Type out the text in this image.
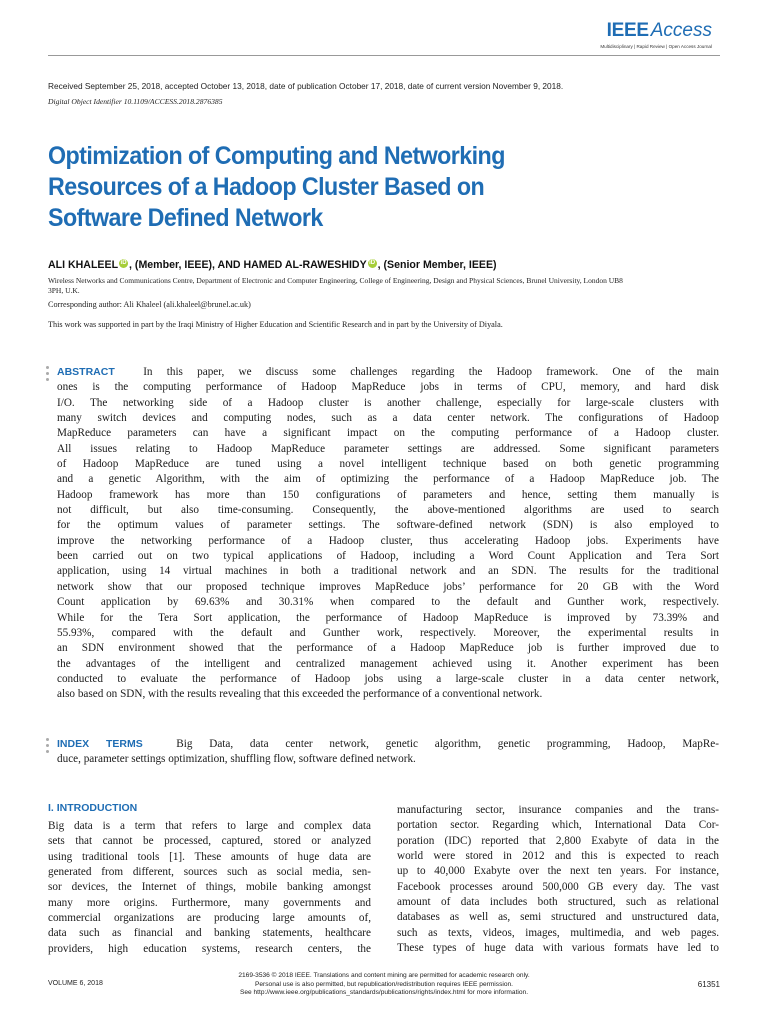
IEEE Access
Multidisciplinary | Rapid Review | Open Access Journal
Received September 25, 2018, accepted October 13, 2018, date of publication October 17, 2018, date of current version November 9, 2018.
Digital Object Identifier 10.1109/ACCESS.2018.2876385
Optimization of Computing and Networking
Resources of a Hadoop Cluster Based on
Software Defined Network
ALI KHALEEL iD , (Member, IEEE), AND HAMED AL-RAWESHIDY iD , (Senior Member, IEEE)
Wireless Networks and Communications Centre, Department of Electronic and Computer Engineering, College of Engineering, Design and Physical Sciences, Brunel University, London UB8 3PH, U.K.
Corresponding author: Ali Khaleel (ali.khaleel@brunel.ac.uk)
This work was supported in part by the Iraqi Ministry of Higher Education and Scientific Research and in part by the University of Diyala.
ABSTRACT	In this paper, we discuss some challenges regarding the Hadoop framework. One of the main
ones is the computing performance of Hadoop MapReduce jobs in terms of CPU, memory, and hard disk
I/O. The networking side of a Hadoop cluster is another challenge, especially for large-scale clusters with
many switch devices and computing nodes, such as a data center network. The configurations of Hadoop
MapReduce parameters can have a significant impact on the computing performance of a Hadoop cluster.
All issues relating to Hadoop MapReduce parameter settings are addressed. Some significant parameters
of Hadoop MapReduce are tuned using a novel intelligent technique based on both genetic programming
and a genetic Algorithm, with the aim of optimizing the performance of a Hadoop MapReduce job. The
Hadoop framework has more than 150 configurations of parameters and hence, setting them manually is
not difficult, but also time-consuming. Consequently, the above-mentioned algorithms are used to search
for the optimum values of parameter settings. The software-defined network (SDN) is also employed to
improve the networking performance of a Hadoop cluster, thus accelerating Hadoop jobs. Experiments have
been carried out on two typical applications of Hadoop, including a Word Count Application and Tera Sort
application, using 14 virtual machines in both a traditional network and an SDN. The results for the traditional
network show that our proposed technique improves MapReduce jobs’ performance for 20 GB with the Word
Count application by 69.63% and 30.31% when compared to the default and Gunther work, respectively.
While for the Tera Sort application, the performance of Hadoop MapReduce is improved by 73.39% and
55.93%, compared with the default and Gunther work, respectively. Moreover, the experimental results in
an SDN environment showed that the performance of a Hadoop MapReduce job is further improved due to
the advantages of the intelligent and centralized management achieved using it. Another experiment has been
conducted to evaluate the performance of Hadoop jobs using a large-scale cluster in a data center network,
also based on SDN, with the results revealing that this exceeded the performance of a conventional network.
INDEX TERMS	Big Data, data center network, genetic algorithm, genetic programming, Hadoop, MapRe-
duce, parameter settings optimization, shuffling flow, software defined network.
I. INTRODUCTION
Big data is a term that refers to large and complex data
sets that cannot be processed, captured, stored or analyzed
using traditional tools [1]. These amounts of huge data are
generated from different, sources such as social media, sen-
sor devices, the Internet of things, mobile banking amongst
many more origins. Furthermore, many governments and
commercial organizations are producing large amounts of,
data such as financial and banking statements, healthcare
providers, high education systems, research centers, the
manufacturing sector, insurance companies and the trans-
portation sector. Regarding which, International Data Cor-
poration (IDC) reported that 2,800 Exabyte of data in the
world were stored in 2012 and this is expected to reach
up to 40,000 Exabyte over the next ten years. For instance,
Facebook processes around 500,000 GB every day. The vast
amount of data includes both structured, such as relational
databases as well as, semi structured and unstructured data,
such as texts, videos, images, multimedia, and web pages.
These types of huge data with various formats have led to
VOLUME 6, 2018
2169-3536 © 2018 IEEE. Translations and content mining are permitted for academic research only.
Personal use is also permitted, but republication/redistribution requires IEEE permission.
See http://www.ieee.org/publications_standards/publications/rights/index.html for more information.
61351
